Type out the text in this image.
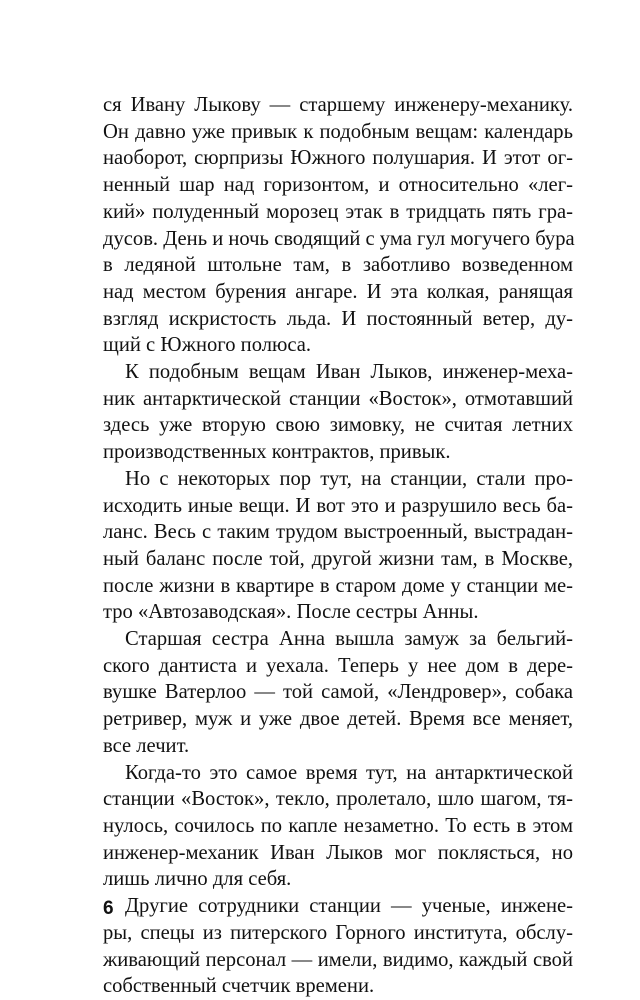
ся Ивану Лыкову — старшему инженеру-механику.
Он давно уже привык к подобным вещам: календарь
наоборот, сюрпризы Южного полушария. И этот ог-
ненный шар над горизонтом, и относительно «лег-
кий» полуденный морозец этак в тридцать пять гра-
дусов. День и ночь сводящий с ума гул могучего бура
в ледяной штольне там, в заботливо возведенном
над местом бурения ангаре. И эта колкая, ранящая
взгляд искристость льда. И постоянный ветер, ду-
щий с Южного полюса.
К подобным вещам Иван Лыков, инженер-меха-
ник антарктической станции «Восток», отмотавший
здесь уже вторую свою зимовку, не считая летних
производственных контрактов, привык.
Но с некоторых пор тут, на станции, стали про-
исходить иные вещи. И вот это и разрушило весь ба-
ланс. Весь с таким трудом выстроенный, выстрадан-
ный баланс после той, другой жизни там, в Москве,
после жизни в квартире в старом доме у станции ме-
тро «Автозаводская». После сестры Анны.
Старшая сестра Анна вышла замуж за бельгий-
ского дантиста и уехала. Теперь у нее дом в дере-
вушке Ватерлоо — той самой, «Лендровер», собака
ретривер, муж и уже двое детей. Время все меняет,
все лечит.
Когда-то это самое время тут, на антарктической
станции «Восток», текло, пролетало, шло шагом, тя-
нулось, сочилось по капле незаметно. То есть в этом
инженер-механик Иван Лыков мог поклясться, но
лишь лично для себя.
Другие сотрудники станции — ученые, инжене-
ры, спецы из питерского Горного института, обслу-
живающий персонал — имели, видимо, каждый свой
собственный счетчик времени.
6
